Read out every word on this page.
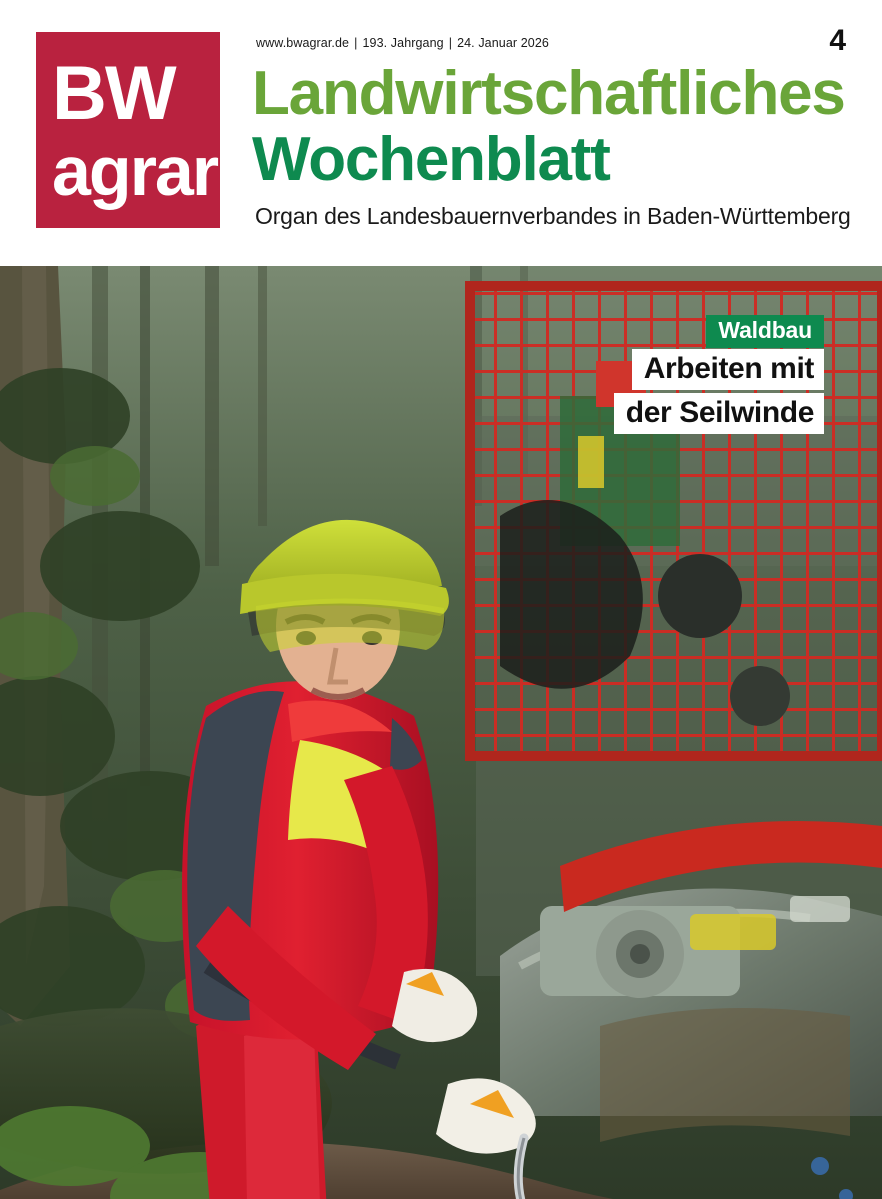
BW
agrar
www.bwagrar.de | 193. Jahrgang | 24. Januar 2026	4
Landwirtschaftliches
Wochenblatt
Organ des Landesbauernverbandes in Baden-Württemberg
Waldbau
Arbeiten mit
der Seilwinde
